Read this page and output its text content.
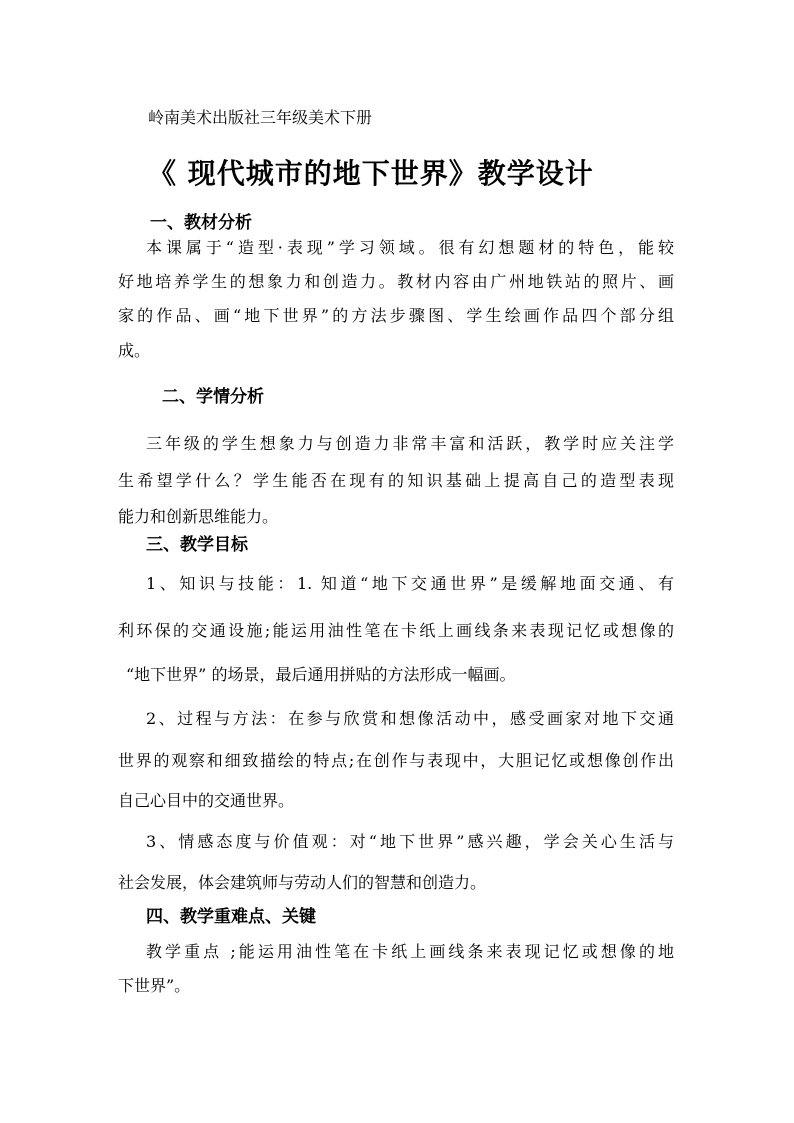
岭南美术出版社三年级美术下册
《 现代城市的地下世界》教学设计
一、教材分析
本课属于“造型·表现”学习领域。很有幻想题材的特色，能较
好地培养学生的想象力和创造力。教材内容由广州地铁站的照片、画
家的作品、画“地下世界”的方法步骤图、学生绘画作品四个部分组
成。
二、学情分析
三年级的学生想象力与创造力非常丰富和活跃，教学时应关注学
生希望学什么？学生能否在现有的知识基础上提高自己的造型表现
能力和创新思维能力。
三、教学目标
1、知识与技能：1. 知道“地下交通世界”是缓解地面交通、有
利环保的交通设施;能运用油性笔在卡纸上画线条来表现记忆或想像的
“地下世界” 的场景，最后通用拼贴的方法形成一幅画。
2、过程与方法：在参与欣赏和想像活动中，感受画家对地下交通
世界的观察和细致描绘的特点;在创作与表现中，大胆记忆或想像创作出
自己心目中的交通世界。
3、情感态度与价值观：对“地下世界”感兴趣，学会关心生活与
社会发展，体会建筑师与劳动人们的智慧和创造力。
四、教学重难点、关键
教学重点 ;能运用油性笔在卡纸上画线条来表现记忆或想像的地
下世界”。
